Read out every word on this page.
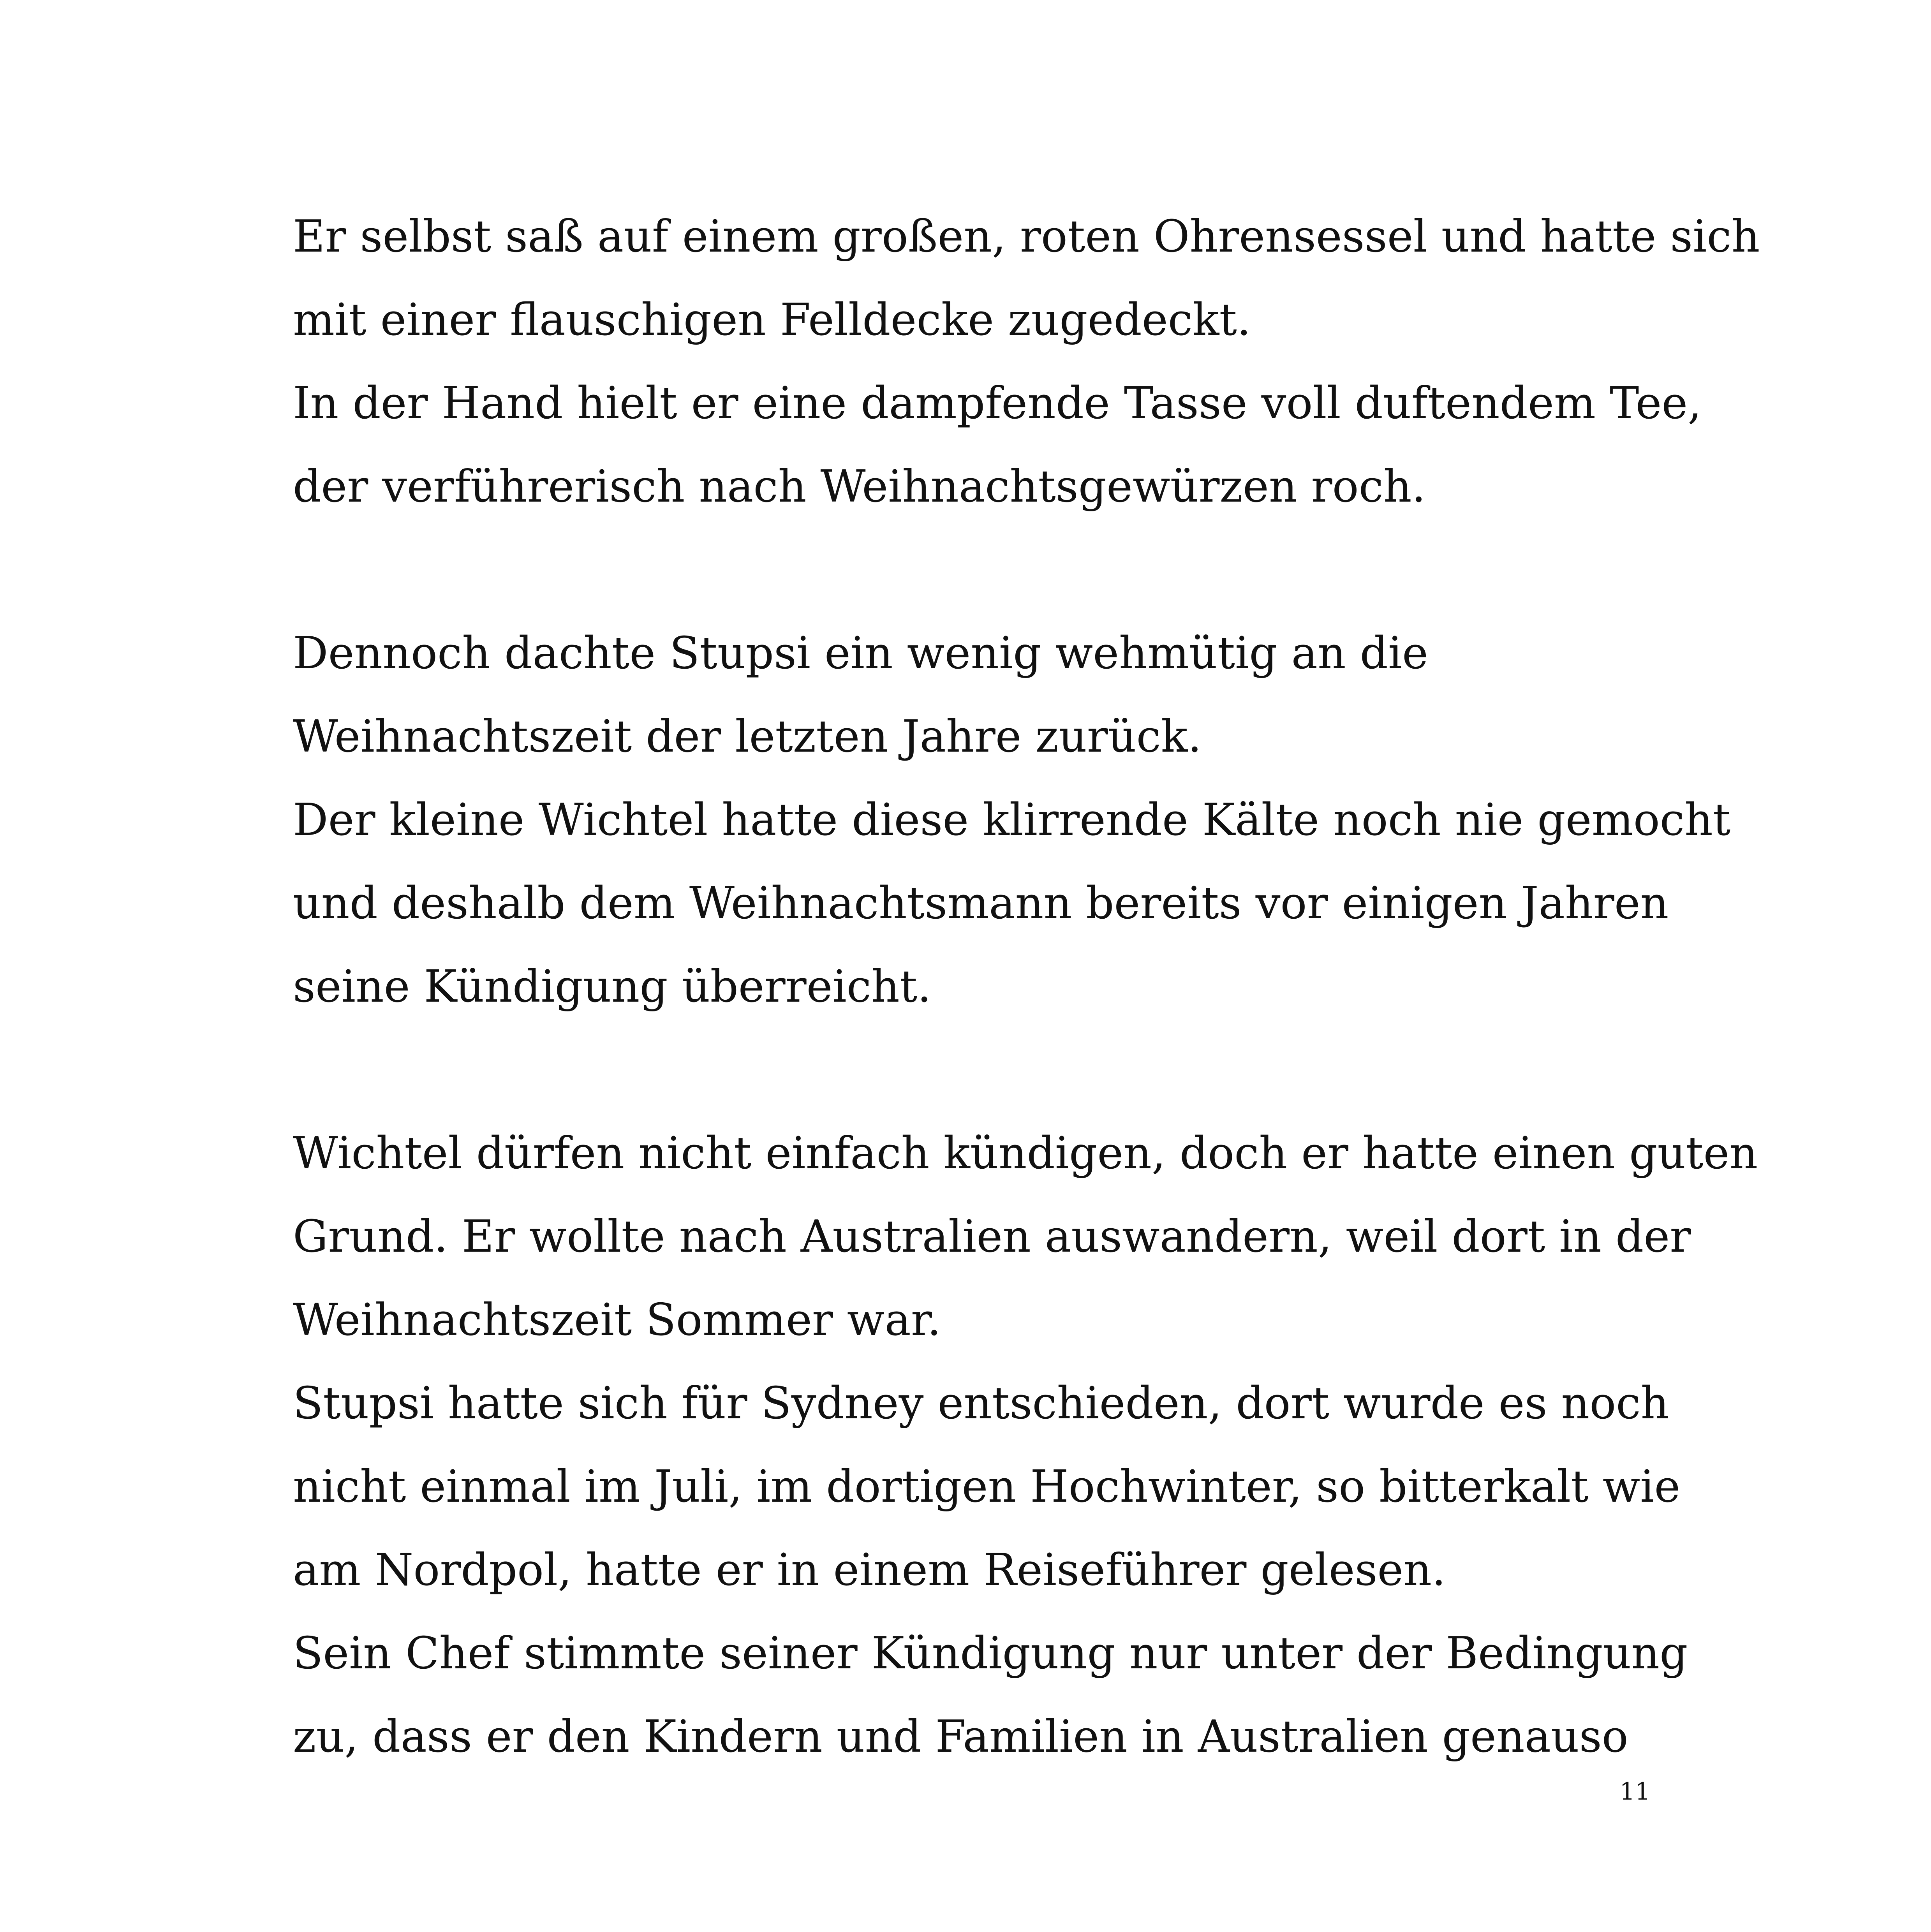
Er selbst saß auf einem großen, roten Ohrensessel und hatte sich
mit einer flauschigen Felldecke zugedeckt.
In der Hand hielt er eine dampfende Tasse voll duftendem Tee,
der verführerisch nach Weihnachtsgewürzen roch.
Dennoch dachte Stupsi ein wenig wehmütig an die
Weihnachtszeit der letzten Jahre zurück.
Der kleine Wichtel hatte diese klirrende Kälte noch nie gemocht
und deshalb dem Weihnachtsmann bereits vor einigen Jahren
seine Kündigung überreicht.
Wichtel dürfen nicht einfach kündigen, doch er hatte einen guten
Grund. Er wollte nach Australien auswandern, weil dort in der
Weihnachtszeit Sommer war.
Stupsi hatte sich für Sydney entschieden, dort wurde es noch
nicht einmal im Juli, im dortigen Hochwinter, so bitterkalt wie
am Nordpol, hatte er in einem Reiseführer gelesen.
Sein Chef stimmte seiner Kündigung nur unter der Bedingung
zu, dass er den Kindern und Familien in Australien genauso
11
